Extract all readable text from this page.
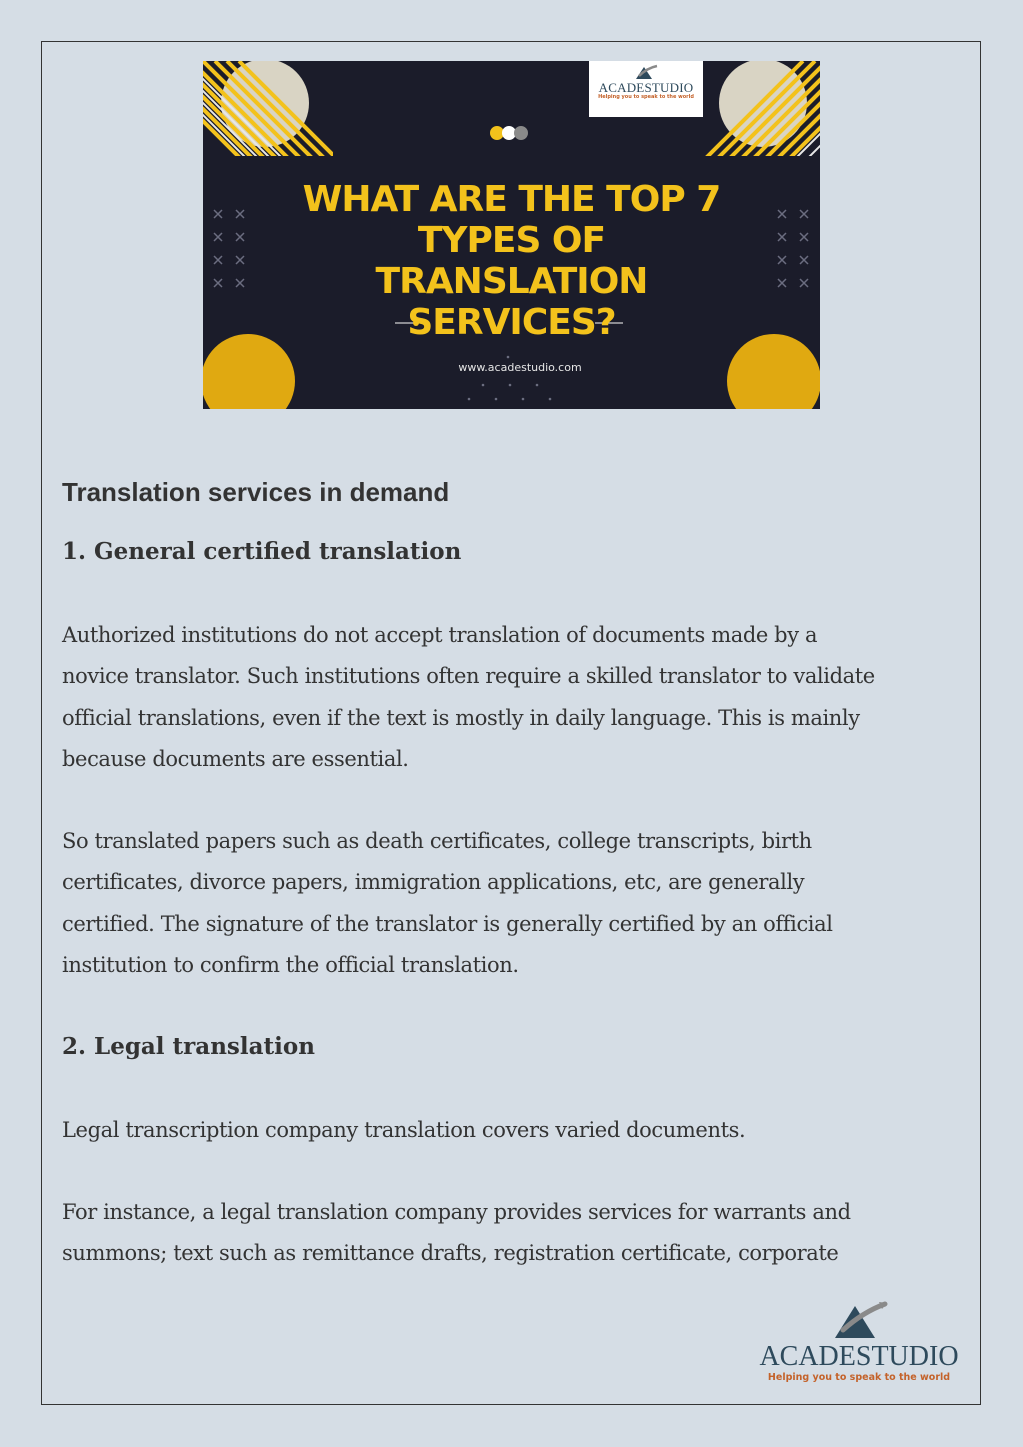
ACADESTUDIO
Helping you to speak to the world
WHAT ARE THE TOP 7
TYPES OF
TRANSLATION
SERVICES?
www.acadestudio.com
Translation services in demand
1. General certified translation

Authorized institutions do not accept translation of documents made by a
novice translator. Such institutions often require a skilled translator to validate
official translations, even if the text is mostly in daily language. This is mainly
because documents are essential.

So translated papers such as death certificates, college transcripts, birth
certificates, divorce papers, immigration applications, etc, are generally
certified. The signature of the translator is generally certified by an official
institution to confirm the official translation.

2. Legal translation

Legal transcription company translation covers varied documents.

For instance, a legal translation company provides services for warrants and
summons; text such as remittance drafts, registration certificate, corporate

ACADESTUDIO
Helping you to speak to the world
